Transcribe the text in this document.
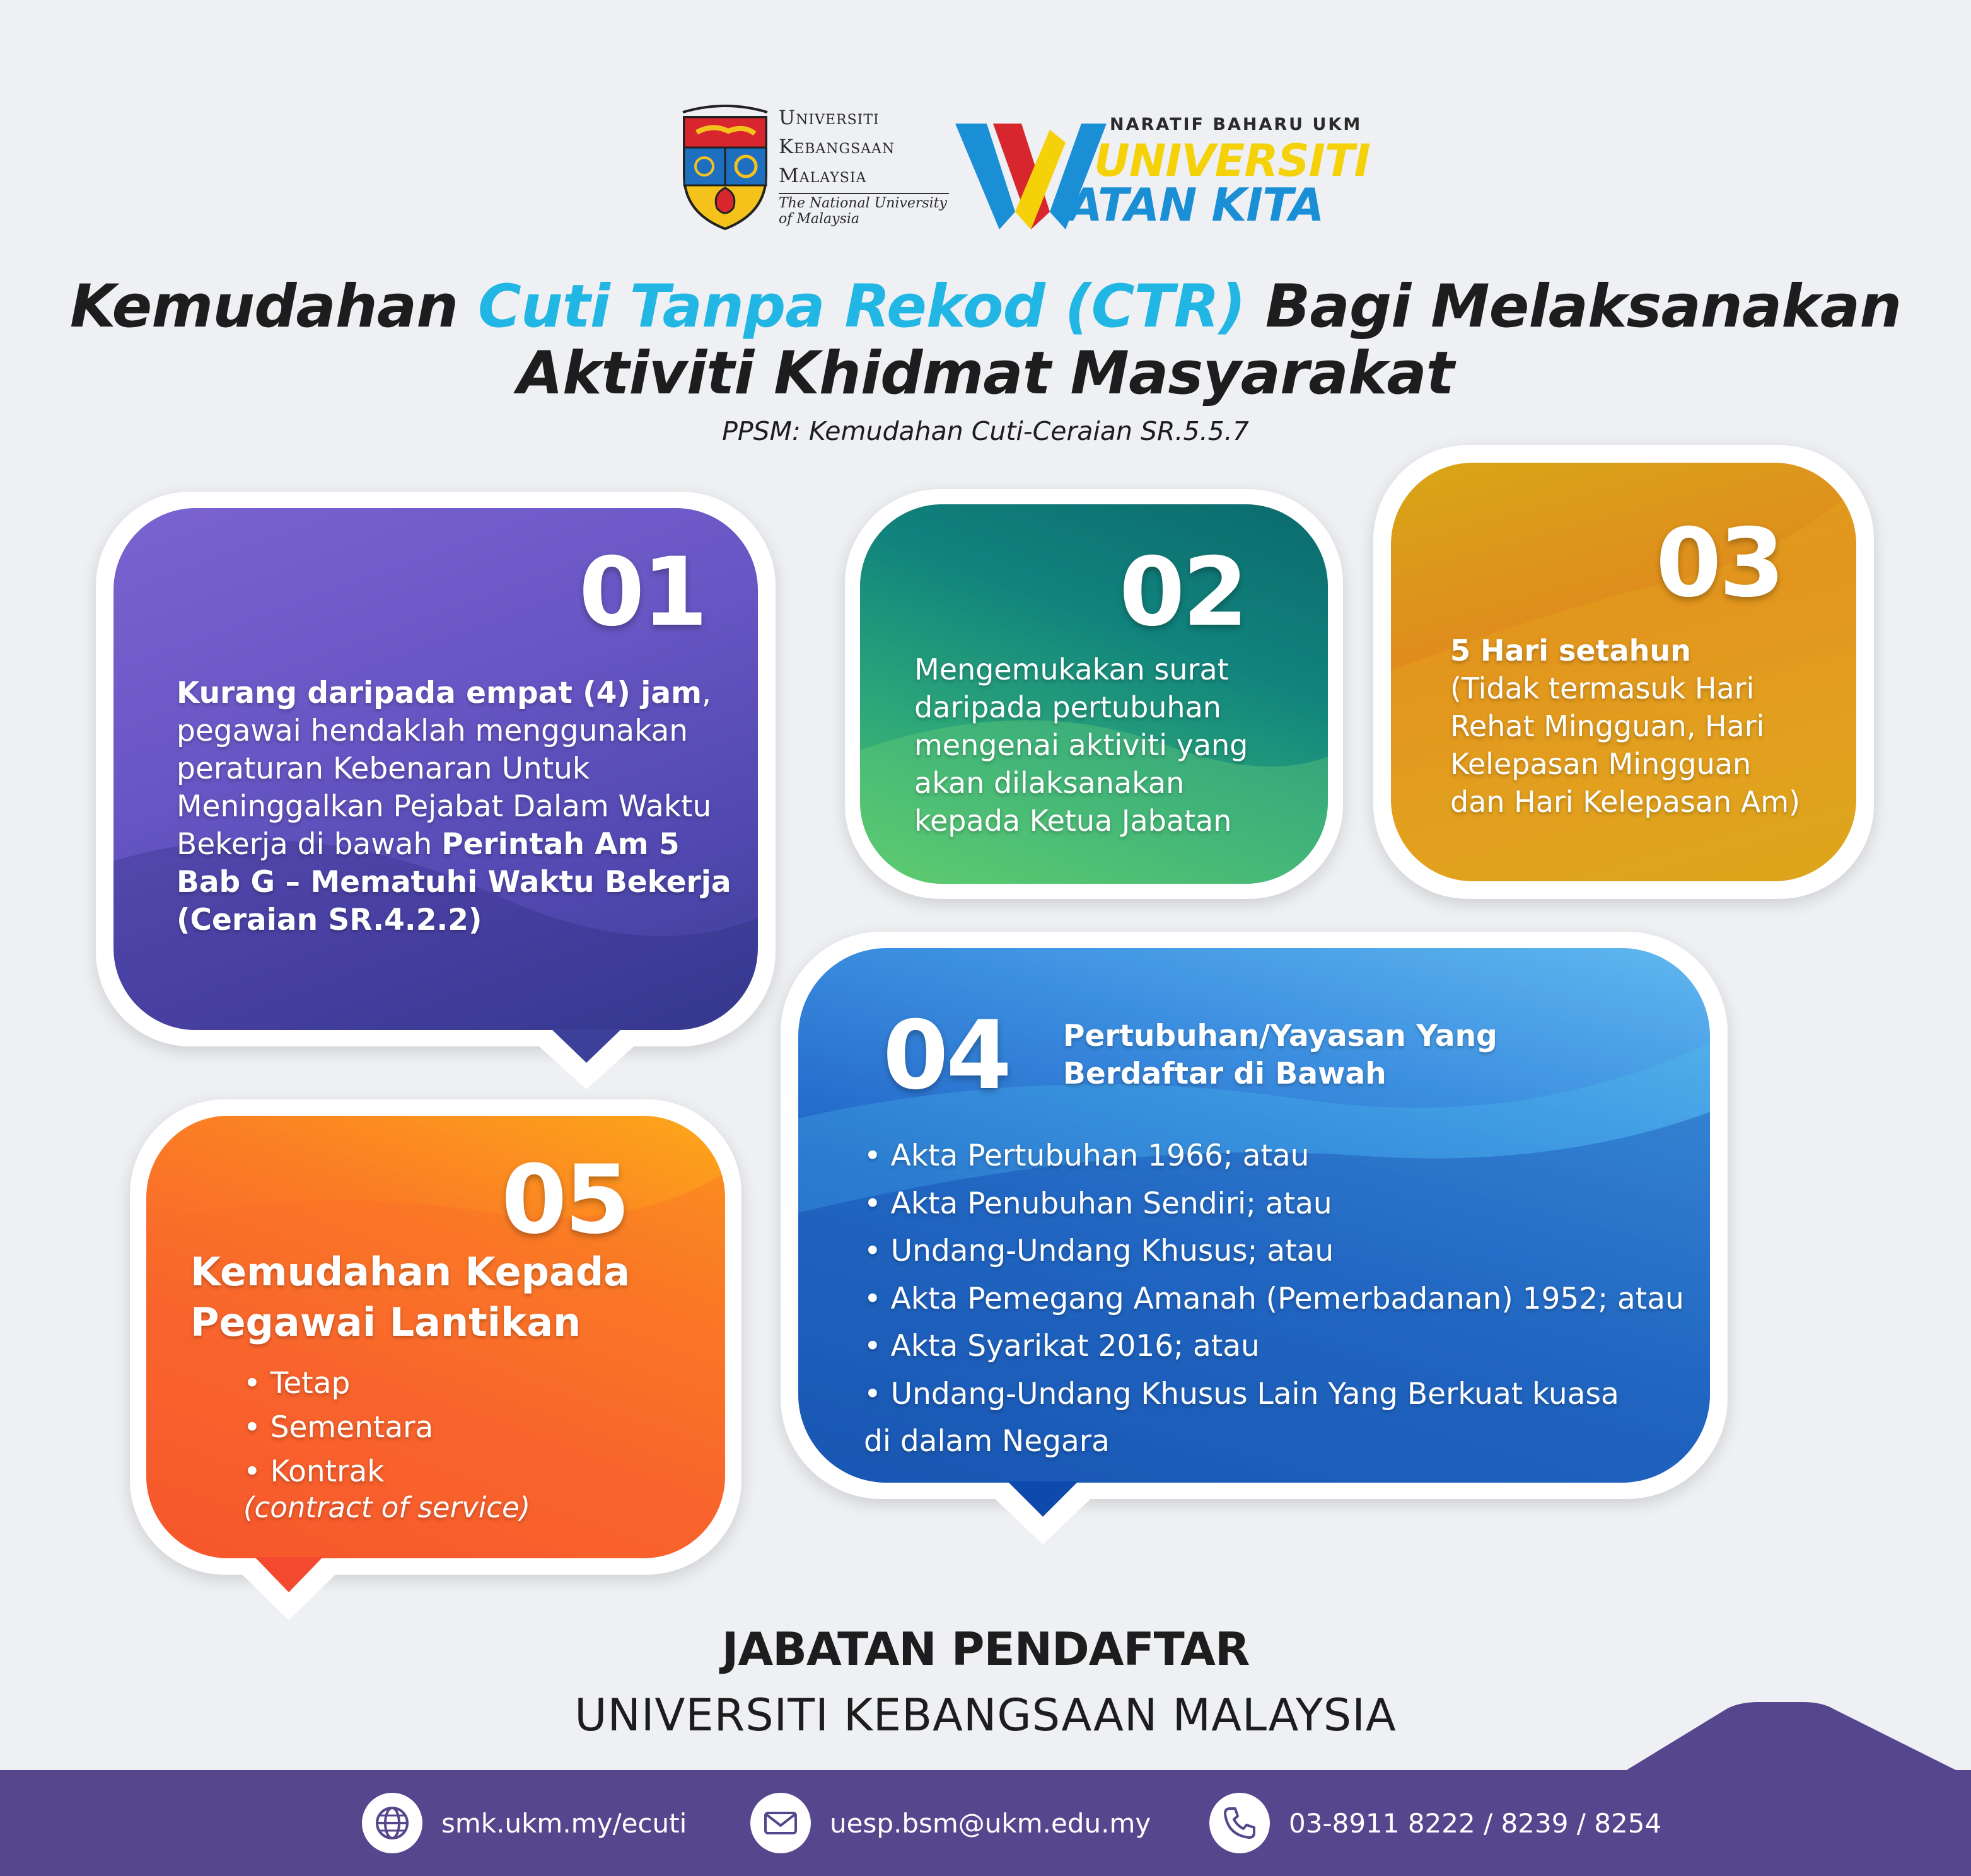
Universiti
Kebangsaan
Malaysia
The National University
of Malaysia
NARATIF BAHARU UKM
UNIVERSITI
ATAN KITA
Kemudahan Cuti Tanpa Rekod (CTR) Bagi Melaksanakan
Aktiviti Khidmat Masyarakat
PPSM: Kemudahan Cuti-Ceraian SR.5.5.7
01
Kurang daripada empat (4) jam,
pegawai hendaklah menggunakan
peraturan Kebenaran Untuk
Meninggalkan Pejabat Dalam Waktu
Bekerja di bawah Perintah Am 5
Bab G – Mematuhi Waktu Bekerja
(Ceraian SR.4.2.2)
02
Mengemukakan surat
daripada pertubuhan
mengenai aktiviti yang
akan dilaksanakan
kepada Ketua Jabatan
03
5 Hari setahun
(Tidak termasuk Hari
Rehat Mingguan, Hari
Kelepasan Mingguan
dan Hari Kelepasan Am)
04 Pertubuhan/Yayasan Yang
Berdaftar di Bawah
• Akta Pertubuhan 1966; atau
• Akta Penubuhan Sendiri; atau
• Undang-Undang Khusus; atau
• Akta Pemegang Amanah (Pemerbadanan) 1952; atau
• Akta Syarikat 2016; atau
• Undang-Undang Khusus Lain Yang Berkuat kuasa
di dalam Negara
05
Kemudahan Kepada
Pegawai Lantikan
• Tetap
• Sementara
• Kontrak
(contract of service)
JABATAN PENDAFTAR
UNIVERSITI KEBANGSAAN MALAYSIA
smk.ukm.my/ecuti	uesp.bsm@ukm.edu.my	03-8911 8222 / 8239 / 8254
